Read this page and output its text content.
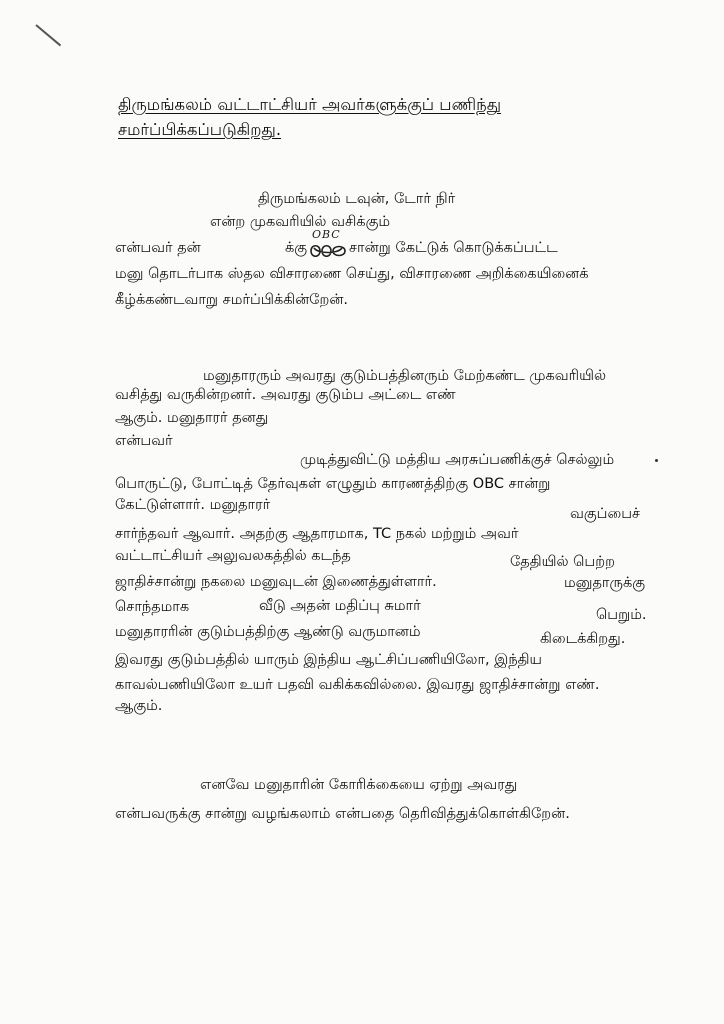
திருமங்கலம் வட்டாட்சியர் அவர்களுக்குப் பணிந்து
சமர்ப்பிக்கப்படுகிறது.
திருமங்கலம் டவுன், டோர் நிர்
என்ற முகவரியில் வசிக்கும்
என்பவர் தன்	க்கு
OBC
சான்று கேட்டுக் கொடுக்கப்பட்ட
மனு தொடர்பாக ஸ்தல விசாரணை செய்து, விசாரணை அறிக்கையினைக்
கீழ்க்கண்டவாறு சமர்ப்பிக்கின்றேன்.
மனுதாரரும் அவரது குடும்பத்தினரும் மேற்கண்ட முகவரியில்
வசித்து வருகின்றனர். அவரது குடும்ப அட்டை எண்
ஆகும். மனுதாரர் தனது
என்பவர்
முடித்துவிட்டு மத்திய அரசுப்பணிக்குச் செல்லும்
பொருட்டு, போட்டித் தேர்வுகள் எழுதும் காரணத்திற்கு OBC சான்று
கேட்டுள்ளார். மனுதாரர்
வகுப்பைச்
சார்ந்தவர் ஆவார். அதற்கு ஆதாரமாக, TC நகல் மற்றும் அவர்
வட்டாட்சியர் அலுவலகத்தில் கடந்த	தேதியில் பெற்ற
ஜாதிச்சான்று நகலை மனுவுடன் இணைத்துள்ளார்.	மனுதாருக்கு
சொந்தமாக	வீடு அதன் மதிப்பு சுமார்
பெறும்.
மனுதாரரின் குடும்பத்திற்கு ஆண்டு வருமானம்	கிடைக்கிறது.
இவரது குடும்பத்தில் யாரும் இந்திய ஆட்சிப்பணியிலோ, இந்திய
காவல்பணியிலோ உயர் பதவி வகிக்கவில்லை. இவரது ஜாதிச்சான்று எண்.
ஆகும்.
எனவே மனுதாரின் கோரிக்கையை ஏற்று அவரது
என்பவருக்கு சான்று வழங்கலாம் என்பதை தெரிவித்துக்கொள்கிறேன்.
